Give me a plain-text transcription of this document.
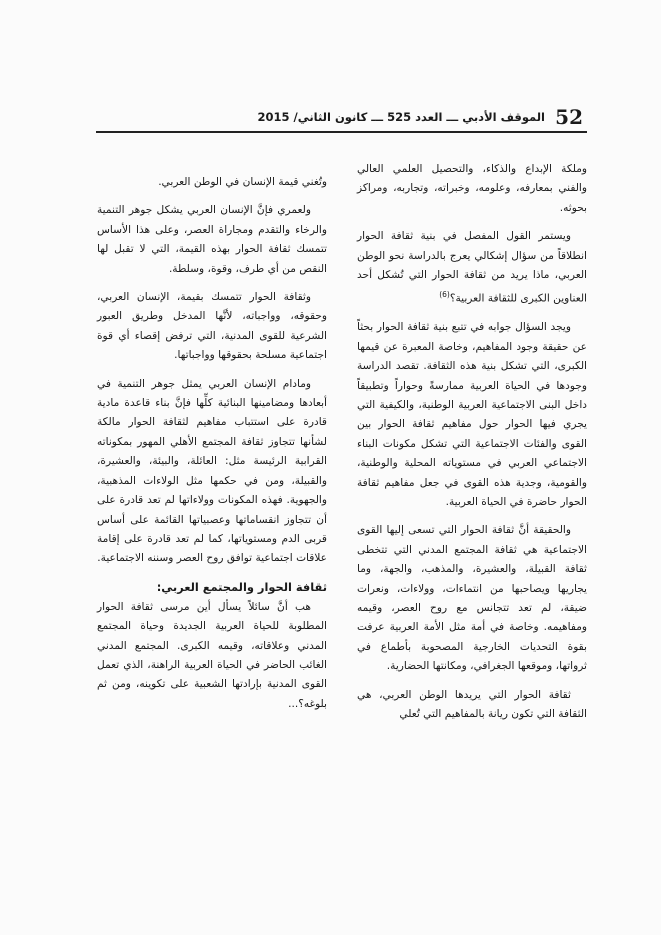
52
الموقف الأدبي ـــ العدد 525 ـــ كانون الثاني/ 2015

وملكة الإبداع والذكاء، والتحصيل العلمي العالي والفني بمعارفه، وعلومه، وخبراته، وتجاربه، ومراكز بحوثه.

ويستمر القول المفصل في بنية ثقافة الحوار انطلاقاً من سؤال إشكالي يعرج بالدراسة نحو الوطن العربي، ماذا يريد من ثقافة الحوار التي تُشكل أحد العناوين الكبرى للثقافة العربية؟$^{(6)}$

ويجد السؤال جوابه في تتبع بنية ثقافة الحوار بحثاً عن حقيقة وجود المفاهيم، وخاصة المعبرة عن قيمها الكبرى، التي تشكل بنية هذه الثقافة. تقصد الدراسة وجودها في الحياة العربية ممارسةً وحواراً وتطبيقاً داخل البنى الاجتماعية العربية الوطنية، والكيفية التي يجري فيها الحوار حول مفاهيم ثقافة الحوار بين القوى والفئات الاجتماعية التي تشكل مكونات البناء الاجتماعي العربي في مستوياته المحلية والوطنية، والقومية، وجدية هذه القوى في جعل مفاهيم ثقافة الحوار حاضرة في الحياة العربية.

والحقيقة أنَّ ثقافة الحوار التي تسعى إليها القوى الاجتماعية هي ثقافة المجتمع المدني التي تتخطى ثقافة القبيلة، والعشيرة، والمذهب، والجهة، وما يجاريها ويصاحبها من انتماءات، وولاءات، ونعرات ضيقة، لم تعد تتجانس مع روح العصر، وقيمه ومفاهيمه. وخاصة في أمة مثل الأمة العربية عرفت بقوة التحديات الخارجية المصحوبة بأطماع في ثرواتها، وموقعها الجغرافي، ومكانتها الحضارية.

ثقافة الحوار التي يريدها الوطن العربي، هي الثقافة التي تكون ريانة بالمفاهيم التي تُعلي

وتُغني قيمة الإنسان في الوطن العربي.

ولعمري فإنَّ الإنسان العربي يشكل جوهر التنمية والرخاء والتقدم ومجاراة العصر، وعلى هذا الأساس تتمسك ثقافة الحوار بهذه القيمة، التي لا تقبل لها النقص من أي طرف، وقوة، وسلطة.

وثقافة الحوار تتمسك بقيمة، الإنسان العربي، وحقوقه، وواجباته، لأنَّها المدخل وطريق العبور الشرعية للقوى المدنية، التي ترفض إقصاء أي قوة اجتماعية مسلحة بحقوقها وواجباتها.

ومادام الإنسان العربي يمثل جوهر التنمية في أبعادها ومضامينها البنائية كلِّها فإنَّ بناء قاعدة مادية قادرة على استتباب مفاهيم لثقافة الحوار مالكة لشأنها تتجاوز ثقافة المجتمع الأهلي المهور بمكوناته القرابية الرئيسة مثل: العائلة، والبيئة، والعشيرة، والقبيلة، ومن في حكمها مثل الولاءات المذهبية، والجهوية. فهذه المكونات وولاءاتها لم تعد قادرة على أن تتجاوز انقساماتها وعصبياتها القائمة على أساس قربى الدم ومستوياتها، كما لم تعد قادرة على إقامة علاقات اجتماعية توافق روح العصر وسننه الاجتماعية.

ثقافة الحوار والمجتمع العربي:

هب أنَّ سائلاً يسأل أين مرسى ثقافة الحوار المطلوبة للحياة العربية الجديدة وحياة المجتمع المدني وعلاقاته، وقيمه الكبرى. المجتمع المدني الغائب الحاضر في الحياة العربية الراهنة، الذي تعمل القوى المدنية بإرادتها الشعبية على تكوينه، ومن ثم بلوغه؟...
